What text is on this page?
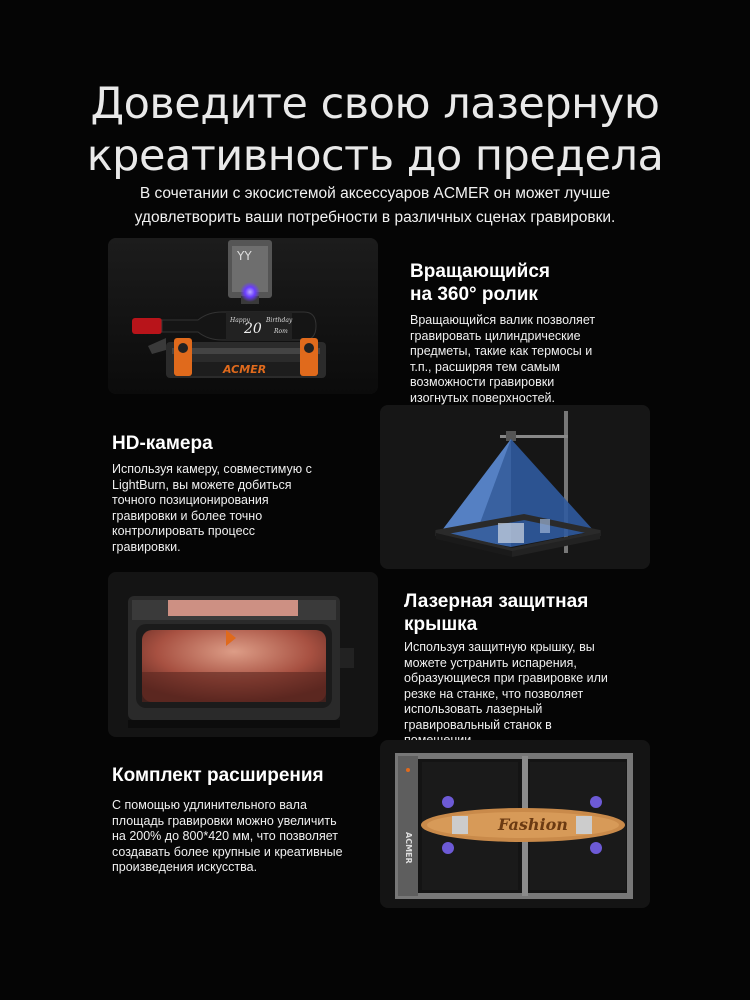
Доведите свою лазерную
креативность до предела
В сочетании с экосистемой аксессуаров ACMER он может лучше
удовлетворить ваши потребности в различных сценах гравировки.
YY
Happy
20
Birthday
Rom
ACMER
Вращающийся
на 360° ролик
Вращающийся валик позволяет
гравировать цилиндрические
предметы, такие как термосы и
т.п., расширяя тем самым
возможности гравировки
изогнутых поверхностей.
HD-камера
Используя камеру, совместимую с
LightBurn, вы можете добиться
точного позиционирования
гравировки и более точно
контролировать процесс
гравировки.
Лазерная защитная
крышка
Используя защитную крышку, вы
можете устранить испарения,
образующиеся при гравировке или
резке на станке, что позволяет
использовать лазерный
гравировальный станок в
Комплект расширения
С помощью удлинительного вала
площадь гравировки можно увеличить
на 200% до 800*420 мм, что позволяет
создавать более крупные и креативные
произведения искусства.
ACMER
Fashion
